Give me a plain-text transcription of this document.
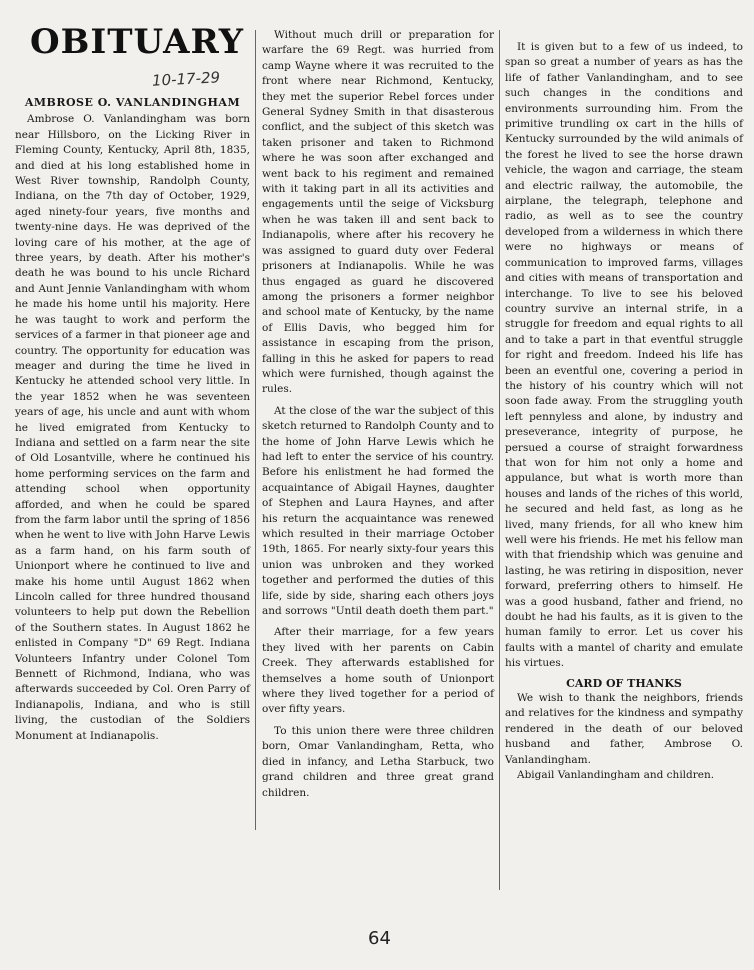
OBITUARY
10-17-29
AMBROSE O. VANLANDINGHAM

Ambrose O. Vanlandingham was born near Hillsboro, on the Licking River in Fleming County, Kentucky, April 8th, 1835, and died at his long established home in West River township, Randolph County, Indiana, on the 7th day of October, 1929, aged ninety-four years, five months and twenty-nine days. He was deprived of the loving care of his mother, at the age of three years, by death. After his mother's death he was bound to his uncle Richard and Aunt Jennie Vanlandingham with whom he made his home until his majority. Here he was taught to work and perform the services of a farmer in that pioneer age and country. The opportunity for education was meager and during the time he lived in Kentucky he attended school very little. In the year 1852 when he was seventeen years of age, his uncle and aunt with whom he lived emigrated from Kentucky to Indiana and settled on a farm near the site of Old Losantville, where he continued his home performing services on the farm and attending school when opportunity afforded, and when he could be spared from the farm labor until the spring of 1856 when he went to live with John Harve Lewis as a farm hand, on his farm south of Unionport where he continued to live and make his home until August 1862 when Lincoln called for three hundred thousand volunteers to help put down the Rebellion of the Southern states. In August 1862 he enlisted in Company "D" 69 Regt. Indiana Volunteers Infantry under Colonel Tom Bennett of Richmond, Indiana, who was afterwards succeeded by Col. Oren Parry of Indianapolis, Indiana, and who is still living, the custodian of the Soldiers Monument at Indianapolis.

Without much drill or preparation for warfare the 69 Regt. was hurried from camp Wayne where it was recruited to the front where near Richmond, Kentucky, they met the superior Rebel forces under General Sydney Smith in that disasterous conflict, and the subject of this sketch was taken prisoner and taken to Richmond where he was soon after exchanged and went back to his regiment and remained with it taking part in all its activities and engagements until the seige of Vicksburg when he was taken ill and sent back to Indianapolis, where after his recovery he was assigned to guard duty over Federal prisoners at Indianapolis. While he was thus engaged as guard he discovered among the prisoners a former neighbor and school mate of Kentucky, by the name of Ellis Davis, who begged him for assistance in escaping from the prison, falling in this he asked for papers to read which were furnished, though against the rules.

At the close of the war the subject of this sketch returned to Randolph County and to the home of John Harve Lewis which he had left to enter the service of his country. Before his enlistment he had formed the acquaintance of Abigail Haynes, daughter of Stephen and Laura Haynes, and after his return the acquaintance was renewed which resulted in their marriage October 19th, 1865. For nearly sixty-four years this union was unbroken and they worked together and performed the duties of this life, side by side, sharing each others joys and sorrows "Until death doeth them part."

After their marriage, for a few years they lived with her parents on Cabin Creek. They afterwards established for themselves a home south of Unionport where they lived together for a period of over fifty years.

To this union there were three children born, Omar Vanlandingham, Retta, who died in infancy, and Letha Starbuck, two grand children and three great grand children.

It is given but to a few of us indeed, to span so great a number of years as has the life of father Vanlandingham, and to see such changes in the conditions and environments surrounding him. From the primitive trundling ox cart in the hills of Kentucky surrounded by the wild animals of the forest he lived to see the horse drawn vehicle, the wagon and carriage, the steam and electric railway, the automobile, the airplane, the telegraph, telephone and radio, as well as to see the country developed from a wilderness in which there were no highways or means of communication to improved farms, villages and cities with means of transportation and interchange. To live to see his beloved country survive an internal strife, in a struggle for freedom and equal rights to all and to take a part in that eventful struggle for right and freedom. Indeed his life has been an eventful one, covering a period in the history of his country which will not soon fade away. From the struggling youth left pennyless and alone, by industry and preseverance, integrity of purpose, he persued a course of straight forwardness that won for him not only a home and appulance, but what is worth more than houses and lands of the riches of this world, he secured and held fast, as long as he lived, many friends, for all who knew him well were his friends. He met his fellow man with that friendship which was genuine and lasting, he was retiring in disposition, never forward, preferring others to himself. He was a good husband, father and friend, no doubt he had his faults, as it is given to the human family to error. Let us cover his faults with a mantel of charity and emulate his virtues.

CARD OF THANKS

We wish to thank the neighbors, friends and relatives for the kindness and sympathy rendered in the death of our beloved husband and father, Ambrose O. Vanlandingham.

Abigail Vanlandingham and children.

64
